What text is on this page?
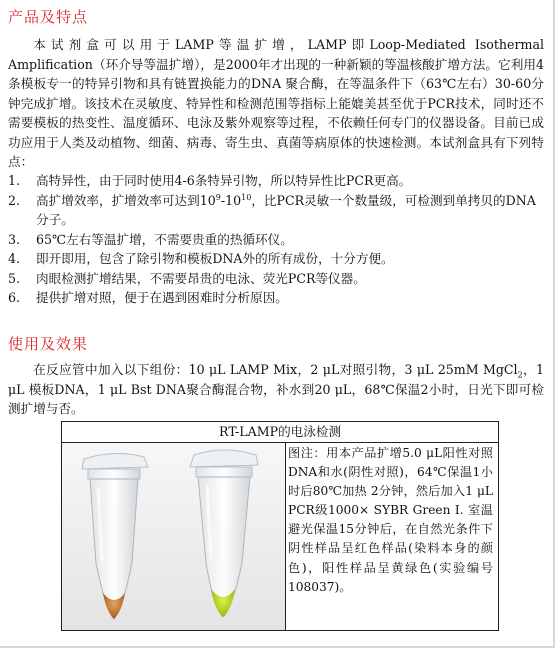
产品及特点

本试剂盒可以用于LAMP等温扩增，LAMP即Loop-Mediated Isothermal Amplification（环介导等温扩增），是2000年才出现的一种新颖的等温核酸扩增方法。它利用4条模板专一的特异引物和具有链置换能力的DNA 聚合酶，在等温条件下（63℃左右）30-60分钟完成扩增。该技术在灵敏度、特异性和检测范围等指标上能媲美甚至优于PCR技术，同时还不需要模板的热变性、温度循环、电泳及紫外观察等过程，不依赖任何专门的仪器设备。目前已成功应用于人类及动植物、细菌、病毒、寄生虫、真菌等病原体的快速检测。本试剂盒具有下列特点：

1.	高特异性，由于同时使用4-6条特异引物，所以特异性比PCR更高。
2.	高扩增效率，扩增效率可达到$10^9-10^{10}$，比PCR灵敏一个数量级，可检测到单拷贝的DNA分子。
3.	65℃左右等温扩增，不需要贵重的热循环仪。
4.	即开即用，包含了除引物和模板DNA外的所有成份，十分方便。
5.	肉眼检测扩增结果，不需要昂贵的电泳、荧光PCR等仪器。
6.	提供扩增对照，便于在遇到困难时分析原因。
使用及效果

在反应管中加入以下组份：10 μL LAMP Mix，2 μL对照引物，3 μL 25mM MgCl$_2$，1 μL 模板DNA，1 μL Bst DNA聚合酶混合物，补水到20 μL，68℃保温2小时，日光下即可检测扩增与否。

RT-LAMP的电泳检测
图注：用本产品扩增5.0 μL阳性对照DNA和水(阴性对照)，64℃保温1小时后80℃加热 2分钟，然后加入1 μL PCR级1000× SYBR Green I. 室温避光保温15分钟后，在自然光条件下阴性样品呈红色样品(染料本身的颜色)，阳性样品呈黄绿色(实验编号108037)。
